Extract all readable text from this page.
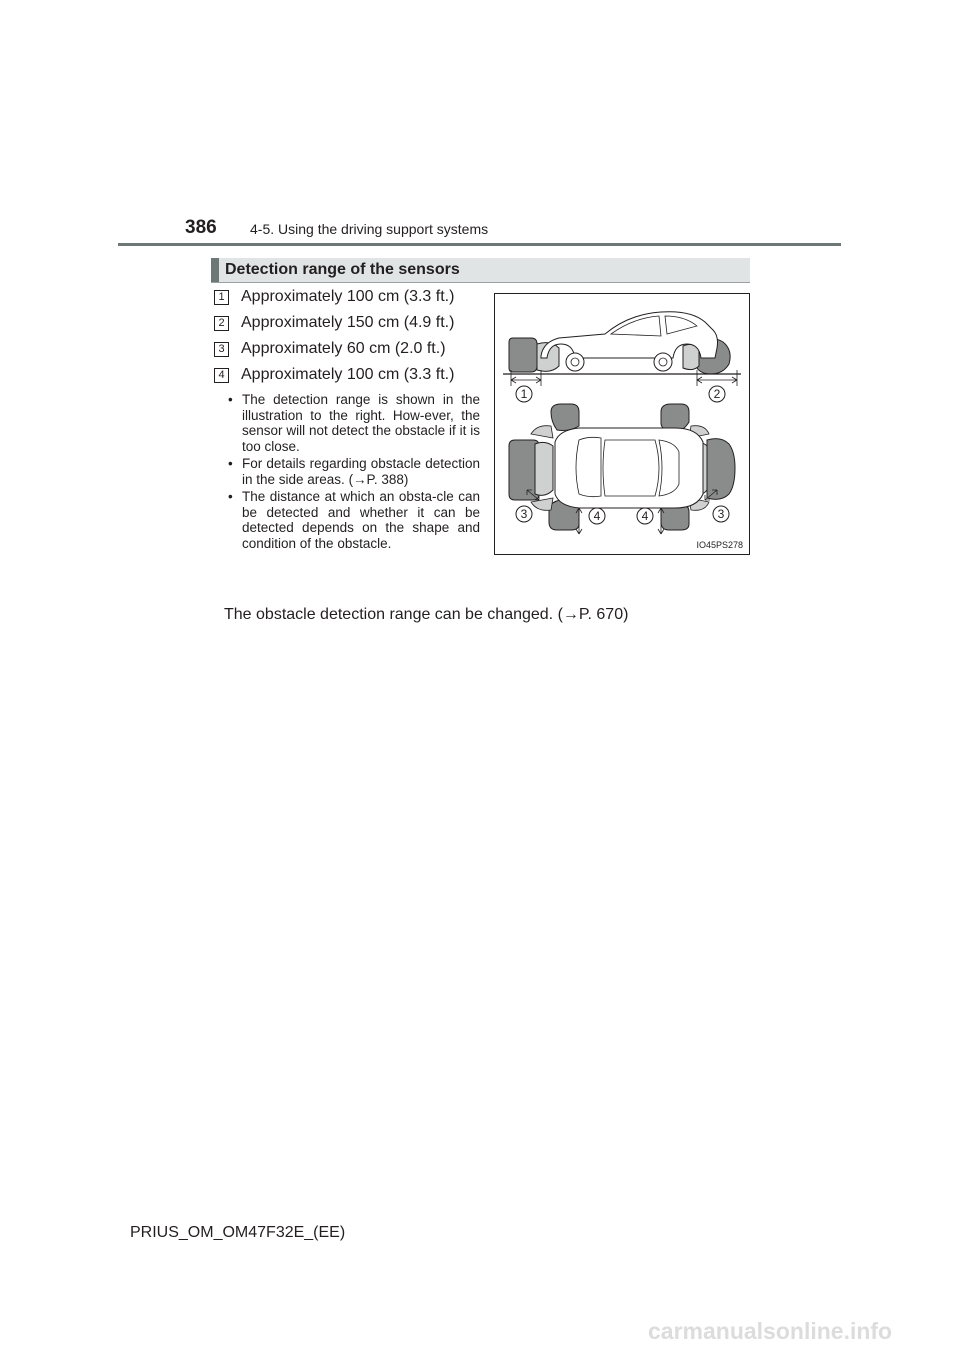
386 4-5. Using the driving support systems
Detection range of the sensors
1 Approximately 100 cm (3.3 ft.)
2 Approximately 150 cm (4.9 ft.)
3 Approximately 60 cm (2.0 ft.)
4 Approximately 100 cm (3.3 ft.)
• The detection range is shown in the illustration to the right. How-ever, the sensor will not detect the obstacle if it is too close.
• For details regarding obstacle detection in the side areas. (→P. 388)
• The distance at which an obsta-cle can be detected and whether it can be detected depends on the shape and condition of the obstacle.
1	2
3	4	4	3
IO45PS278
The obstacle detection range can be changed. (→P. 670)
PRIUS_OM_OM47F32E_(EE)
carmanualsonline.info
